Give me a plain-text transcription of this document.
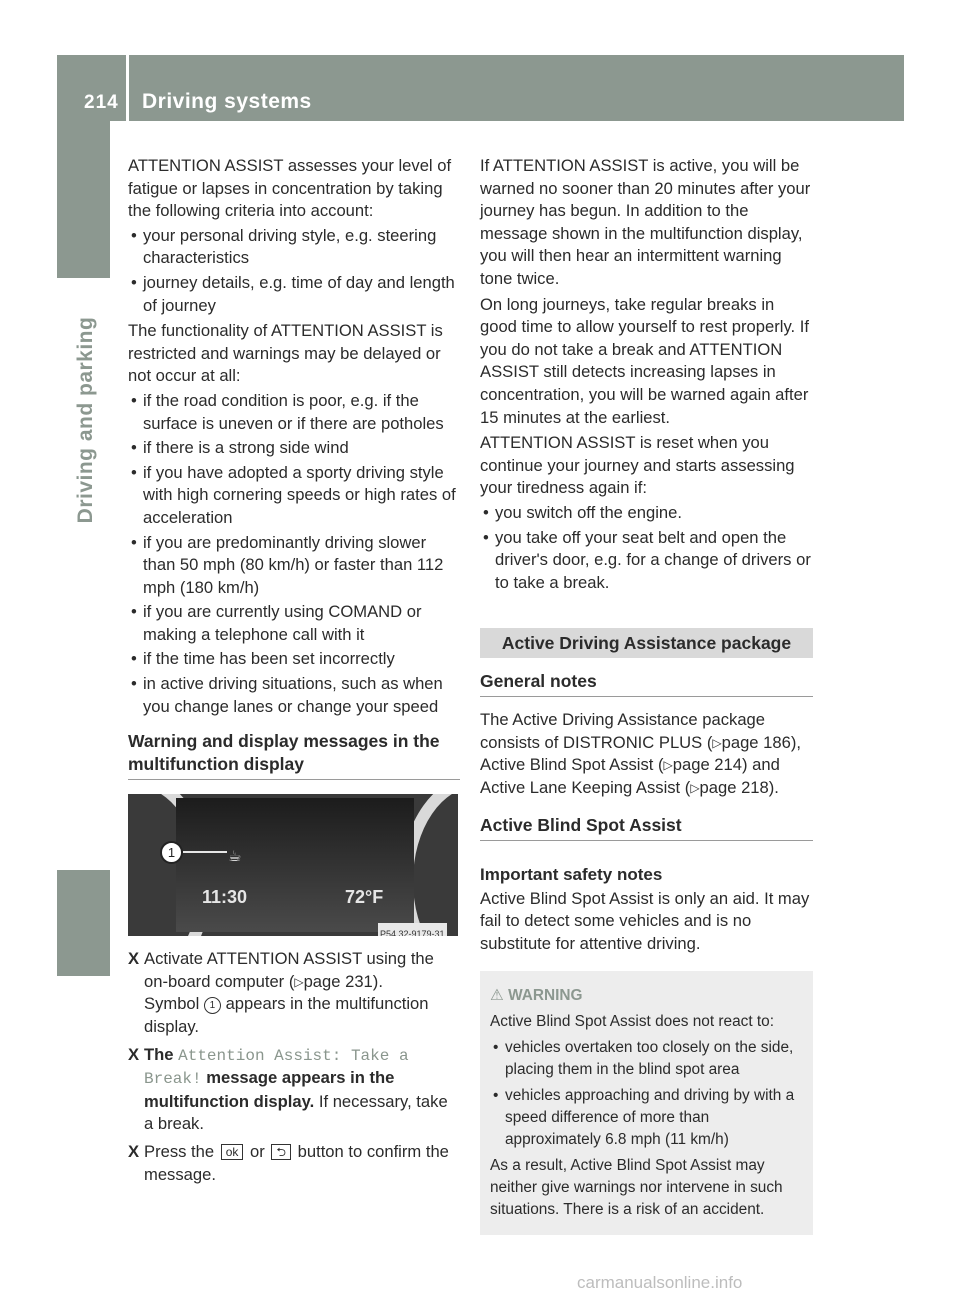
214 Driving systems
Driving and parking

ATTENTION ASSIST assesses your level of fatigue or lapses in concentration by taking the following criteria into account:

• your personal driving style, e.g. steering characteristics
• journey details, e.g. time of day and length of journey

The functionality of ATTENTION ASSIST is restricted and warnings may be delayed or not occur at all:

• if the road condition is poor, e.g. if the surface is uneven or if there are potholes
• if there is a strong side wind
• if you have adopted a sporty driving style with high cornering speeds or high rates of acceleration
• if you are predominantly driving slower than 50 mph (80 km/h) or faster than 112 mph (180 km/h)
• if you are currently using COMAND or making a telephone call with it
• if the time has been set incorrectly
• in active driving situations, such as when you change lanes or change your speed
Warning and display messages in the multifunction display
1	☕
11:30	72°F
P54.32-9179-31
X Activate ATTENTION ASSIST using the on-board computer (▷page 231).
Symbol 1 appears in the multifunction display.
X The Attention Assist: Take a Break! message appears in the multifunction display. If necessary, take a break.
X Press the ok or ⮌ button to confirm the message.

If ATTENTION ASSIST is active, you will be warned no sooner than 20 minutes after your journey has begun. In addition to the message shown in the multifunction display, you will then hear an intermittent warning tone twice.

On long journeys, take regular breaks in good time to allow yourself to rest properly. If you do not take a break and ATTENTION ASSIST still detects increasing lapses in concentration, you will be warned again after 15 minutes at the earliest.

ATTENTION ASSIST is reset when you continue your journey and starts assessing your tiredness again if:

• you switch off the engine.
• you take off your seat belt and open the driver's door, e.g. for a change of drivers or to take a break.
Active Driving Assistance package
General notes

The Active Driving Assistance package consists of DISTRONIC PLUS (▷page 186), Active Blind Spot Assist (▷page 214) and Active Lane Keeping Assist (▷page 218).

Active Blind Spot Assist
Important safety notes

Active Blind Spot Assist is only an aid. It may fail to detect some vehicles and is no substitute for attentive driving.

⚠ WARNING

Active Blind Spot Assist does not react to:

• vehicles overtaken too closely on the side, placing them in the blind spot area
• vehicles approaching and driving by with a speed difference of more than approximately 6.8 mph (11 km/h)

As a result, Active Blind Spot Assist may neither give warnings nor intervene in such situations. There is a risk of an accident.

carmanualsonline.info
